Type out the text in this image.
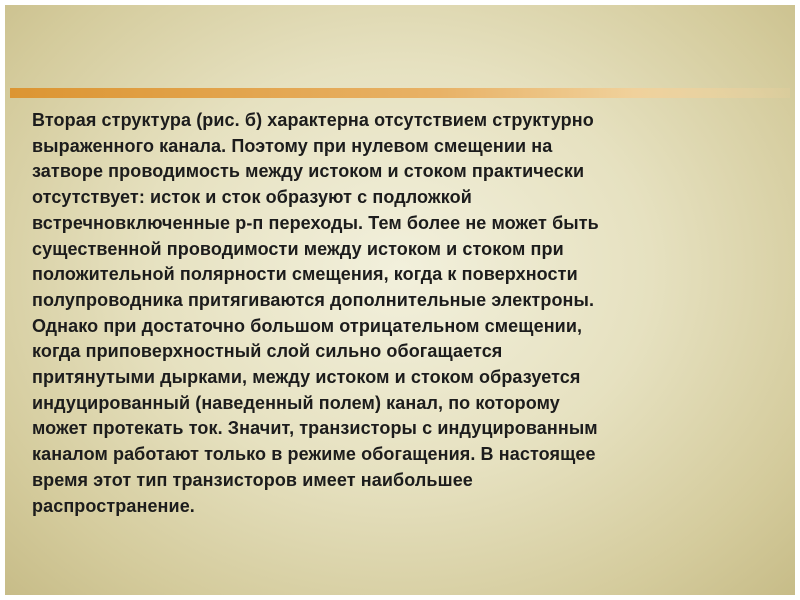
Вторая структура (рис. б) характерна отсутствием структурно
выраженного канала. Поэтому при нулевом смещении на
затворе проводимость между истоком и стоком практически
отсутствует: исток и сток образуют с подложкой
встречновключенные р-п переходы. Тем более не может быть
существенной проводимости между истоком и стоком при
положительной полярности смещения, когда к поверхности
полупроводника притягиваются дополнительные электроны.
Однако при достаточно большом отрицательном смещении,
когда приповерхностный слой сильно обогащается
притянутыми дырками, между истоком и стоком образуется
индуцированный (наведенный полем) канал, по которому
может протекать ток. Значит, транзисторы с индуцированным
каналом работают только в режиме обогащения. В настоящее
время этот тип транзисторов имеет наибольшее
распространение.
